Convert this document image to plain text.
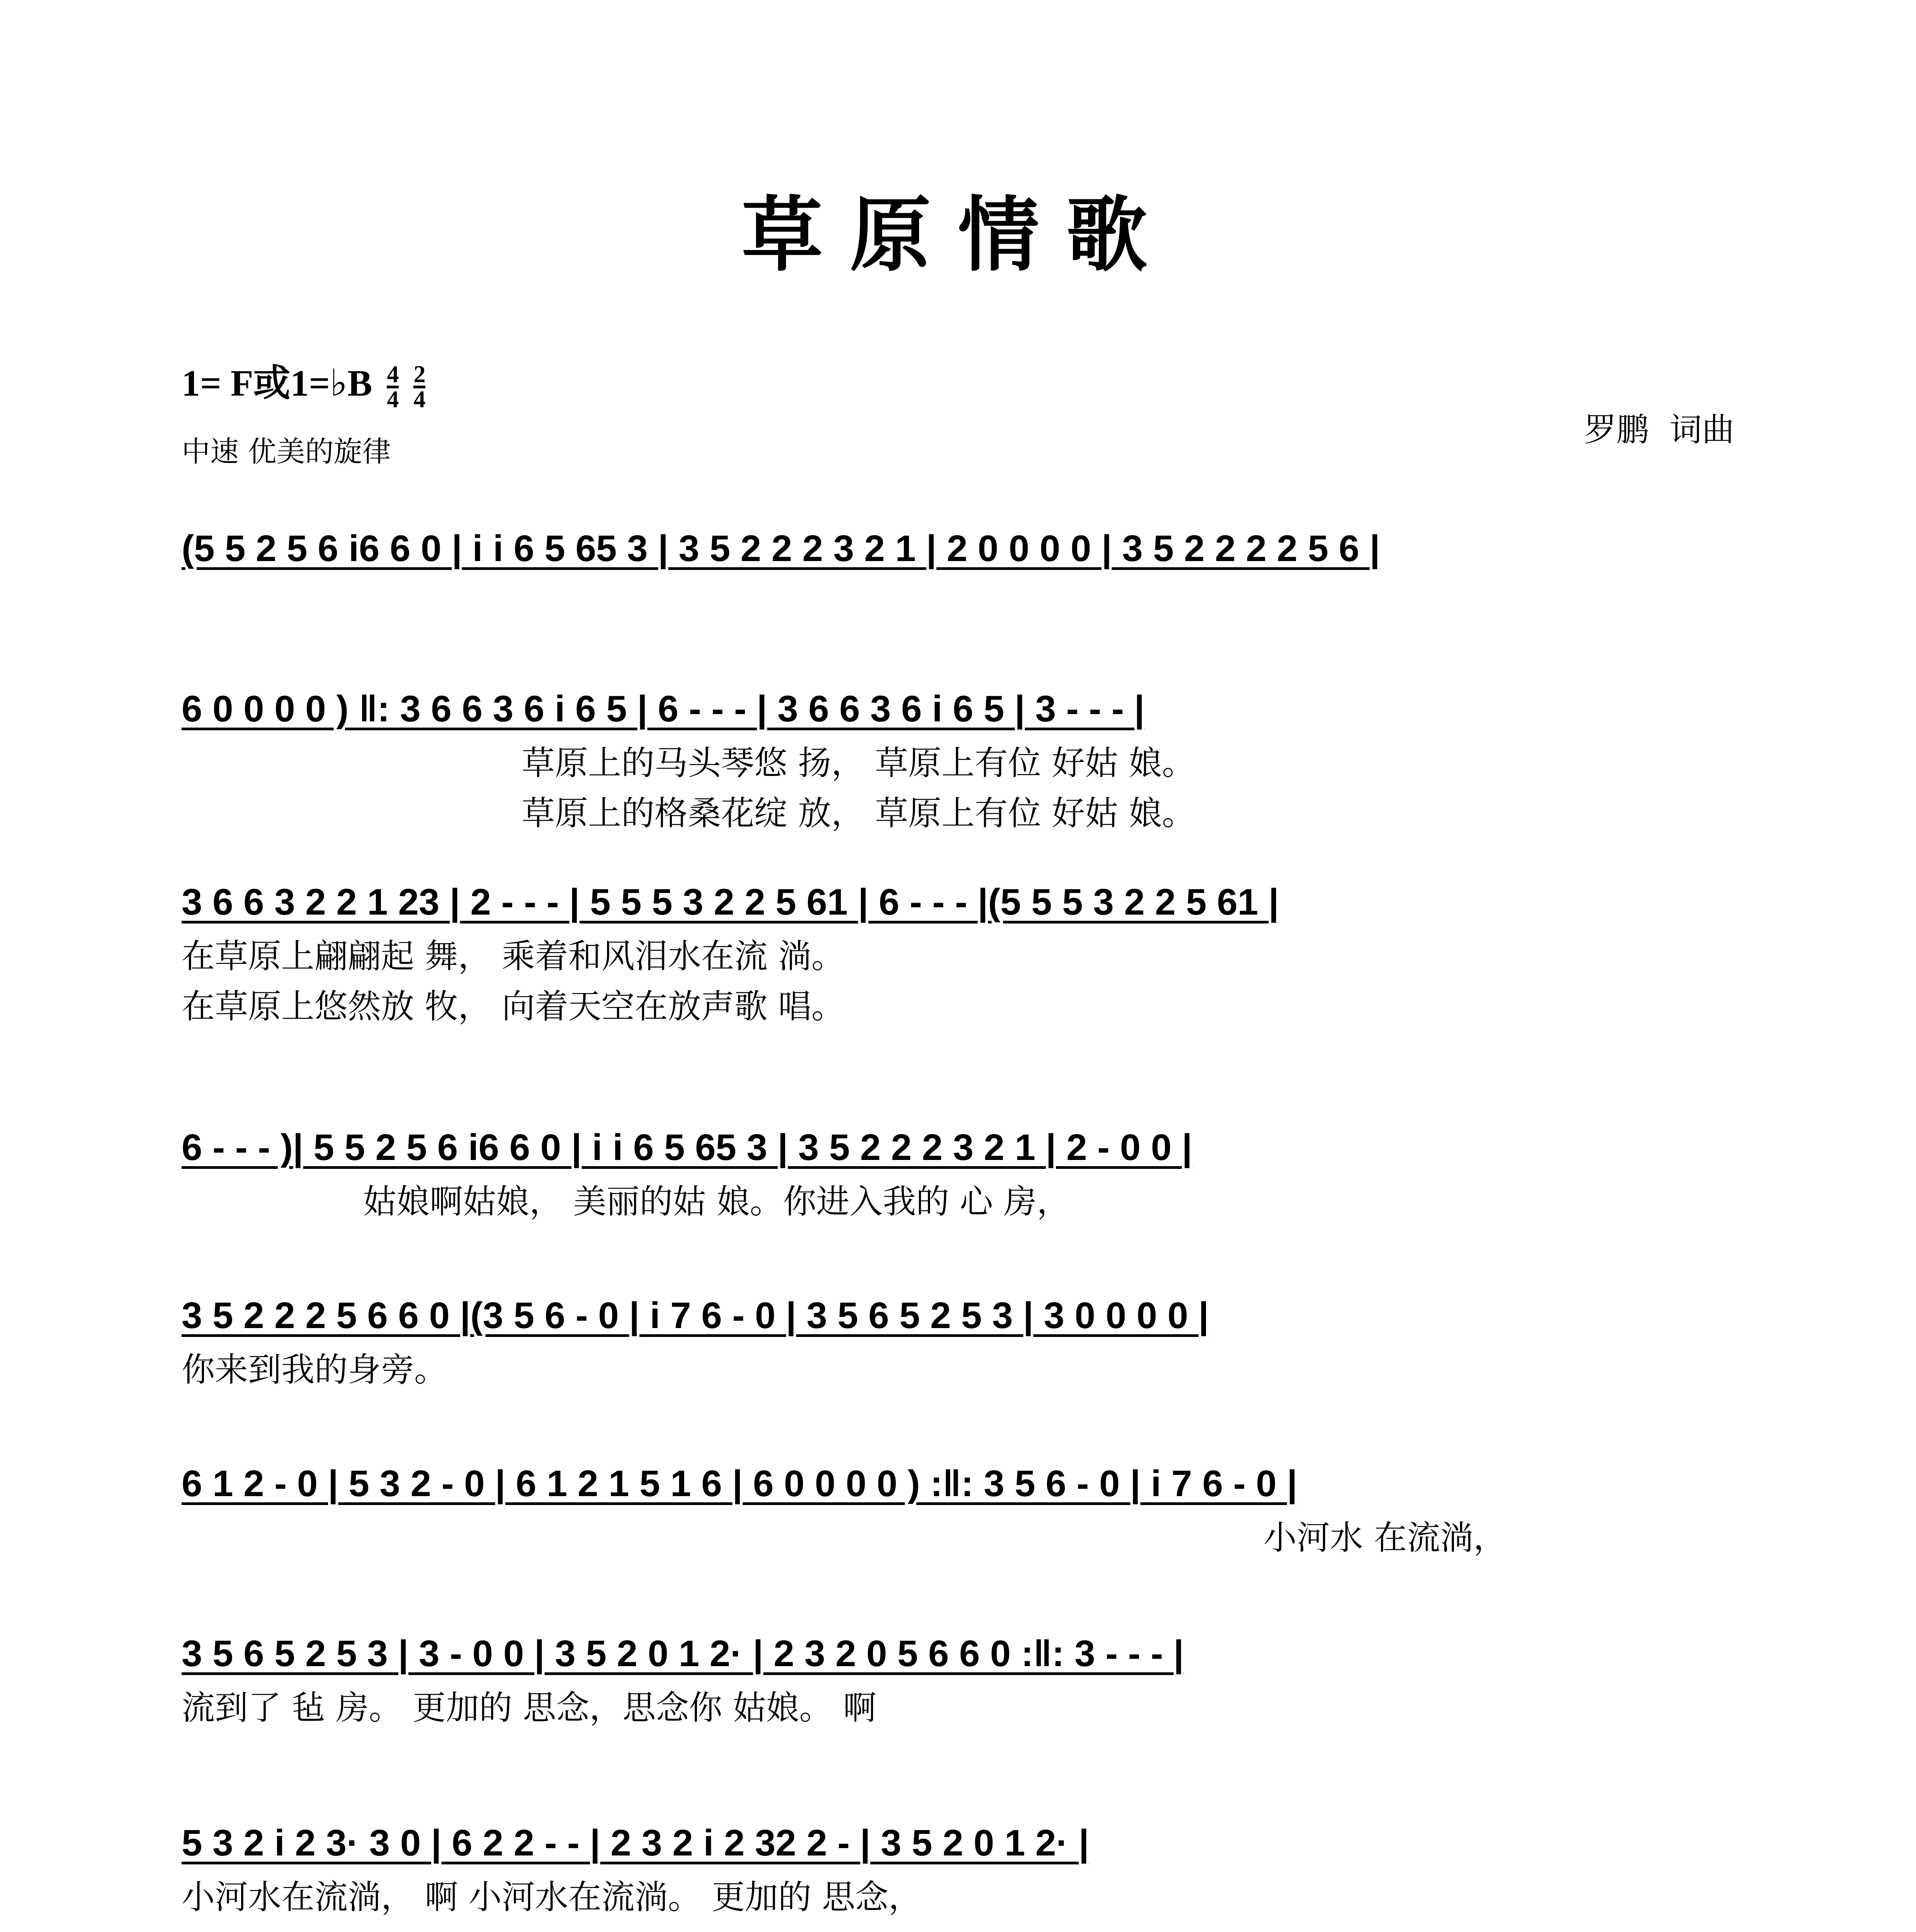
草原情歌
1= F或1=♭B $\frac{4}{4}$
$\frac{2}{4}$
中速 优美的旋律
罗鹏  词曲
(5 5 2 5 6 i6 6 0 | i i 6 5 65 3 | 3 5 2 2 2 3 2 1 | 2 0 0 0 0 | 3 5 2 2 2 2 5 6 |
6 0 0 0 0 ) ‖: 3 6 6 3 6 i 6 5 | 6 - - - | 3 6 6 3 6 i 6 5 | 3 - - - |
草原上的马头琴悠 扬， 草原上有位 好姑 娘。
草原上的格桑花绽 放， 草原上有位 好姑 娘。
3 6 6 3 2 2 1 23 | 2 - - - | 5 5 5 3 2 2 5 61 | 6 - - - |(5 5 5 3 2 2 5 61 |
在草原上翩翩起 舞， 乘着和风泪水在流 淌。
在草原上悠然放 牧， 向着天空在放声歌 唱。
6 - - - )| 5 5 2 5 6 i6 6 0 | i i 6 5 65 3 | 3 5 2 2 2 3 2 1 | 2 - 0 0 |
姑娘啊姑娘， 美丽的姑 娘。你进入我的 心 房，
3 5 2 2 2 5 6 6 0 |(3 5 6 - 0 | i 7 6 - 0 | 3 5 6 5 2 5 3 | 3 0 0 0 0 |
你来到我的身旁。
6 1 2 - 0 | 5 3 2 - 0 | 6 1 2 1 5 1 6 | 6 0 0 0 0 ) :‖: 3 5 6 - 0 | i 7 6 - 0 |
小河水 在流淌，
3 5 6 5 2 5 3 | 3 - 0 0 | 3 5 2 0 1 2· | 2 3 2 0 5 6 6 0 :‖: 3 - - - |
流到了 毡 房。 更加的 思念，思念你 姑娘。 啊
5 3 2 i 2 3· 3 0 | 6 2 2 - - | 2 3 2 i 2 32 2 - | 3 5 2 0 1 2· |
小河水在流淌， 啊 小河水在流淌。 更加的 思念，
